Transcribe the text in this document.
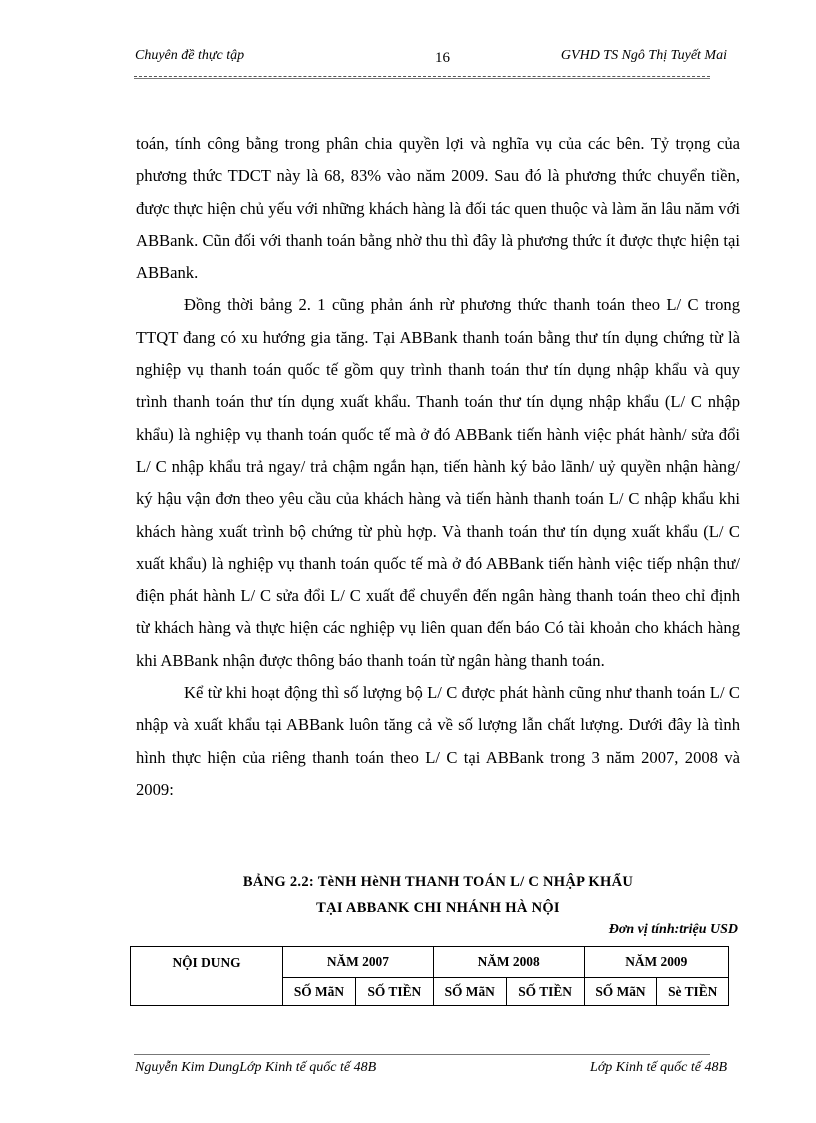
Chuyên đề thực tập	16	GVHD TS Ngô Thị Tuyết Mai

toán, tính công bằng trong phân chia quyền lợi và nghĩa vụ của các bên. Tỷ trọng của phương thức TDCT này là 68, 83% vào năm 2009. Sau đó là phương thức chuyển tiền, được thực hiện chủ yếu với những khách hàng là đối tác quen thuộc và làm ăn lâu năm với ABBank. Cũn đối với thanh toán bằng nhờ thu thì đây là phương thức ít được thực hiện tại ABBank.

Đồng thời bảng 2. 1 cũng phản ánh rừ phương thức thanh toán theo L/ C trong TTQT đang có xu hướng gia tăng. Tại ABBank thanh toán bằng thư tín dụng chứng từ là nghiệp vụ thanh toán quốc tế gồm quy trình thanh toán thư tín dụng nhập khẩu và quy trình thanh toán thư tín dụng xuất khẩu. Thanh toán thư tín dụng nhập khẩu (L/ C nhập khẩu) là nghiệp vụ thanh toán quốc tế mà ở đó ABBank tiến hành việc phát hành/ sửa đổi L/ C nhập khẩu trả ngay/ trả chậm ngắn hạn, tiến hành ký bảo lãnh/ uỷ quyền nhận hàng/ ký hậu vận đơn theo yêu cầu của khách hàng và tiến hành thanh toán L/ C nhập khẩu khi khách hàng xuất trình bộ chứng từ phù hợp. Và thanh toán thư tín dụng xuất khẩu (L/ C xuất khẩu) là nghiệp vụ thanh toán quốc tế mà ở đó ABBank tiến hành việc tiếp nhận thư/ điện phát hành L/ C sửa đổi L/ C xuất để chuyển đến ngân hàng thanh toán theo chỉ định từ khách hàng và thực hiện các nghiệp vụ liên quan đến báo Có tài khoản cho khách hàng khi ABBank nhận được thông báo thanh toán từ ngân hàng thanh toán.

Kể từ khi hoạt động thì số lượng bộ L/ C được phát hành cũng như thanh toán L/ C nhập và xuất khẩu tại ABBank luôn tăng cả về số lượng lẫn chất lượng. Dưới đây là tình hình thực hiện của riêng thanh toán theo L/ C tại ABBank trong 3 năm 2007, 2008 và 2009:

BẢNG 2.2: TèNH HèNH THANH TOÁN L/ C NHẬP KHẨU
TẠI ABBANK CHI NHÁNH HÀ NỘI
Đơn vị tính:triệu USD
NỘI DUNG	NĂM 2007		NĂM 2008		NĂM 2009	
	SỐ MãN	SỐ TIỀN	SỐ MãN	SỐ TIỀN	SỐ MãN	Sè TIỀN
Nguyễn Kim DungLớp Kinh tế quốc tế 48B	Lớp Kinh tế quốc tế 48B
